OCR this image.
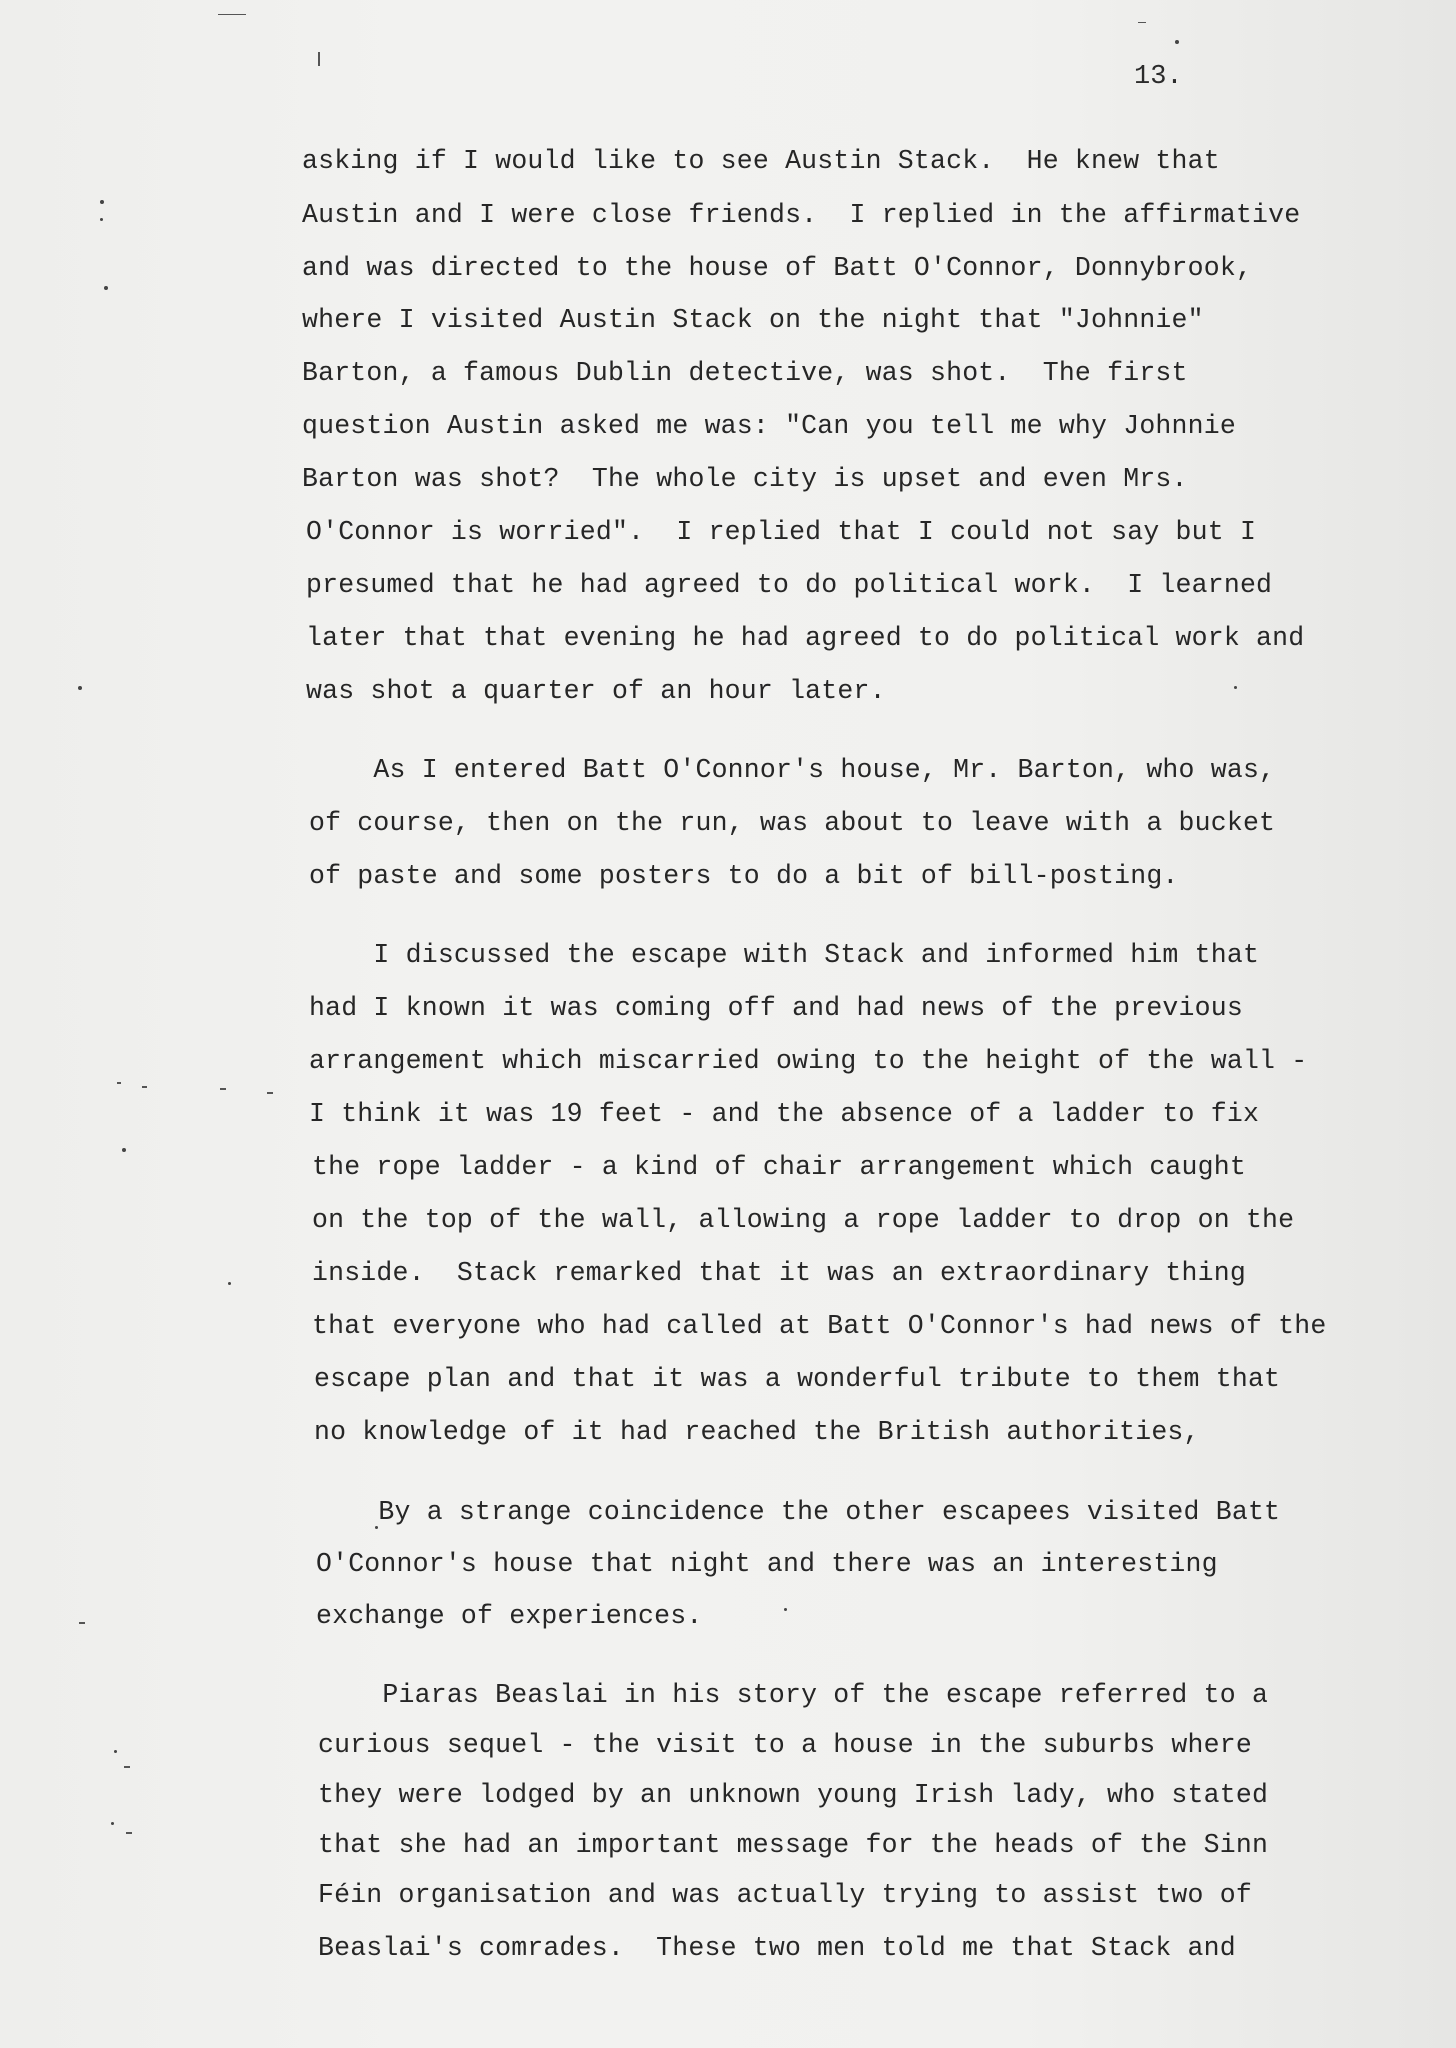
13.
asking if I would like to see Austin Stack.  He knew that
Austin and I were close friends.  I replied in the affirmative
and was directed to the house of Batt O'Connor, Donnybrook,
where I visited Austin Stack on the night that "Johnnie"
Barton, a famous Dublin detective, was shot.  The first
question Austin asked me was: "Can you tell me why Johnnie
Barton was shot?  The whole city is upset and even Mrs.
O'Connor is worried".  I replied that I could not say but I
presumed that he had agreed to do political work.  I learned
later that that evening he had agreed to do political work and
was shot a quarter of an hour later.
As I entered Batt O'Connor's house, Mr. Barton, who was,
of course, then on the run, was about to leave with a bucket
of paste and some posters to do a bit of bill-posting.
I discussed the escape with Stack and informed him that
had I known it was coming off and had news of the previous
arrangement which miscarried owing to the height of the wall -
I think it was 19 feet - and the absence of a ladder to fix
the rope ladder - a kind of chair arrangement which caught
on the top of the wall, allowing a rope ladder to drop on the
inside.  Stack remarked that it was an extraordinary thing
that everyone who had called at Batt O'Connor's had news of the
escape plan and that it was a wonderful tribute to them that
no knowledge of it had reached the British authorities,
By a strange coincidence the other escapees visited Batt
O'Connor's house that night and there was an interesting
exchange of experiences.
Piaras Beaslai in his story of the escape referred to a
curious sequel - the visit to a house in the suburbs where
they were lodged by an unknown young Irish lady, who stated
that she had an important message for the heads of the Sinn
Féin organisation and was actually trying to assist two of
Beaslai's comrades.  These two men told me that Stack and
